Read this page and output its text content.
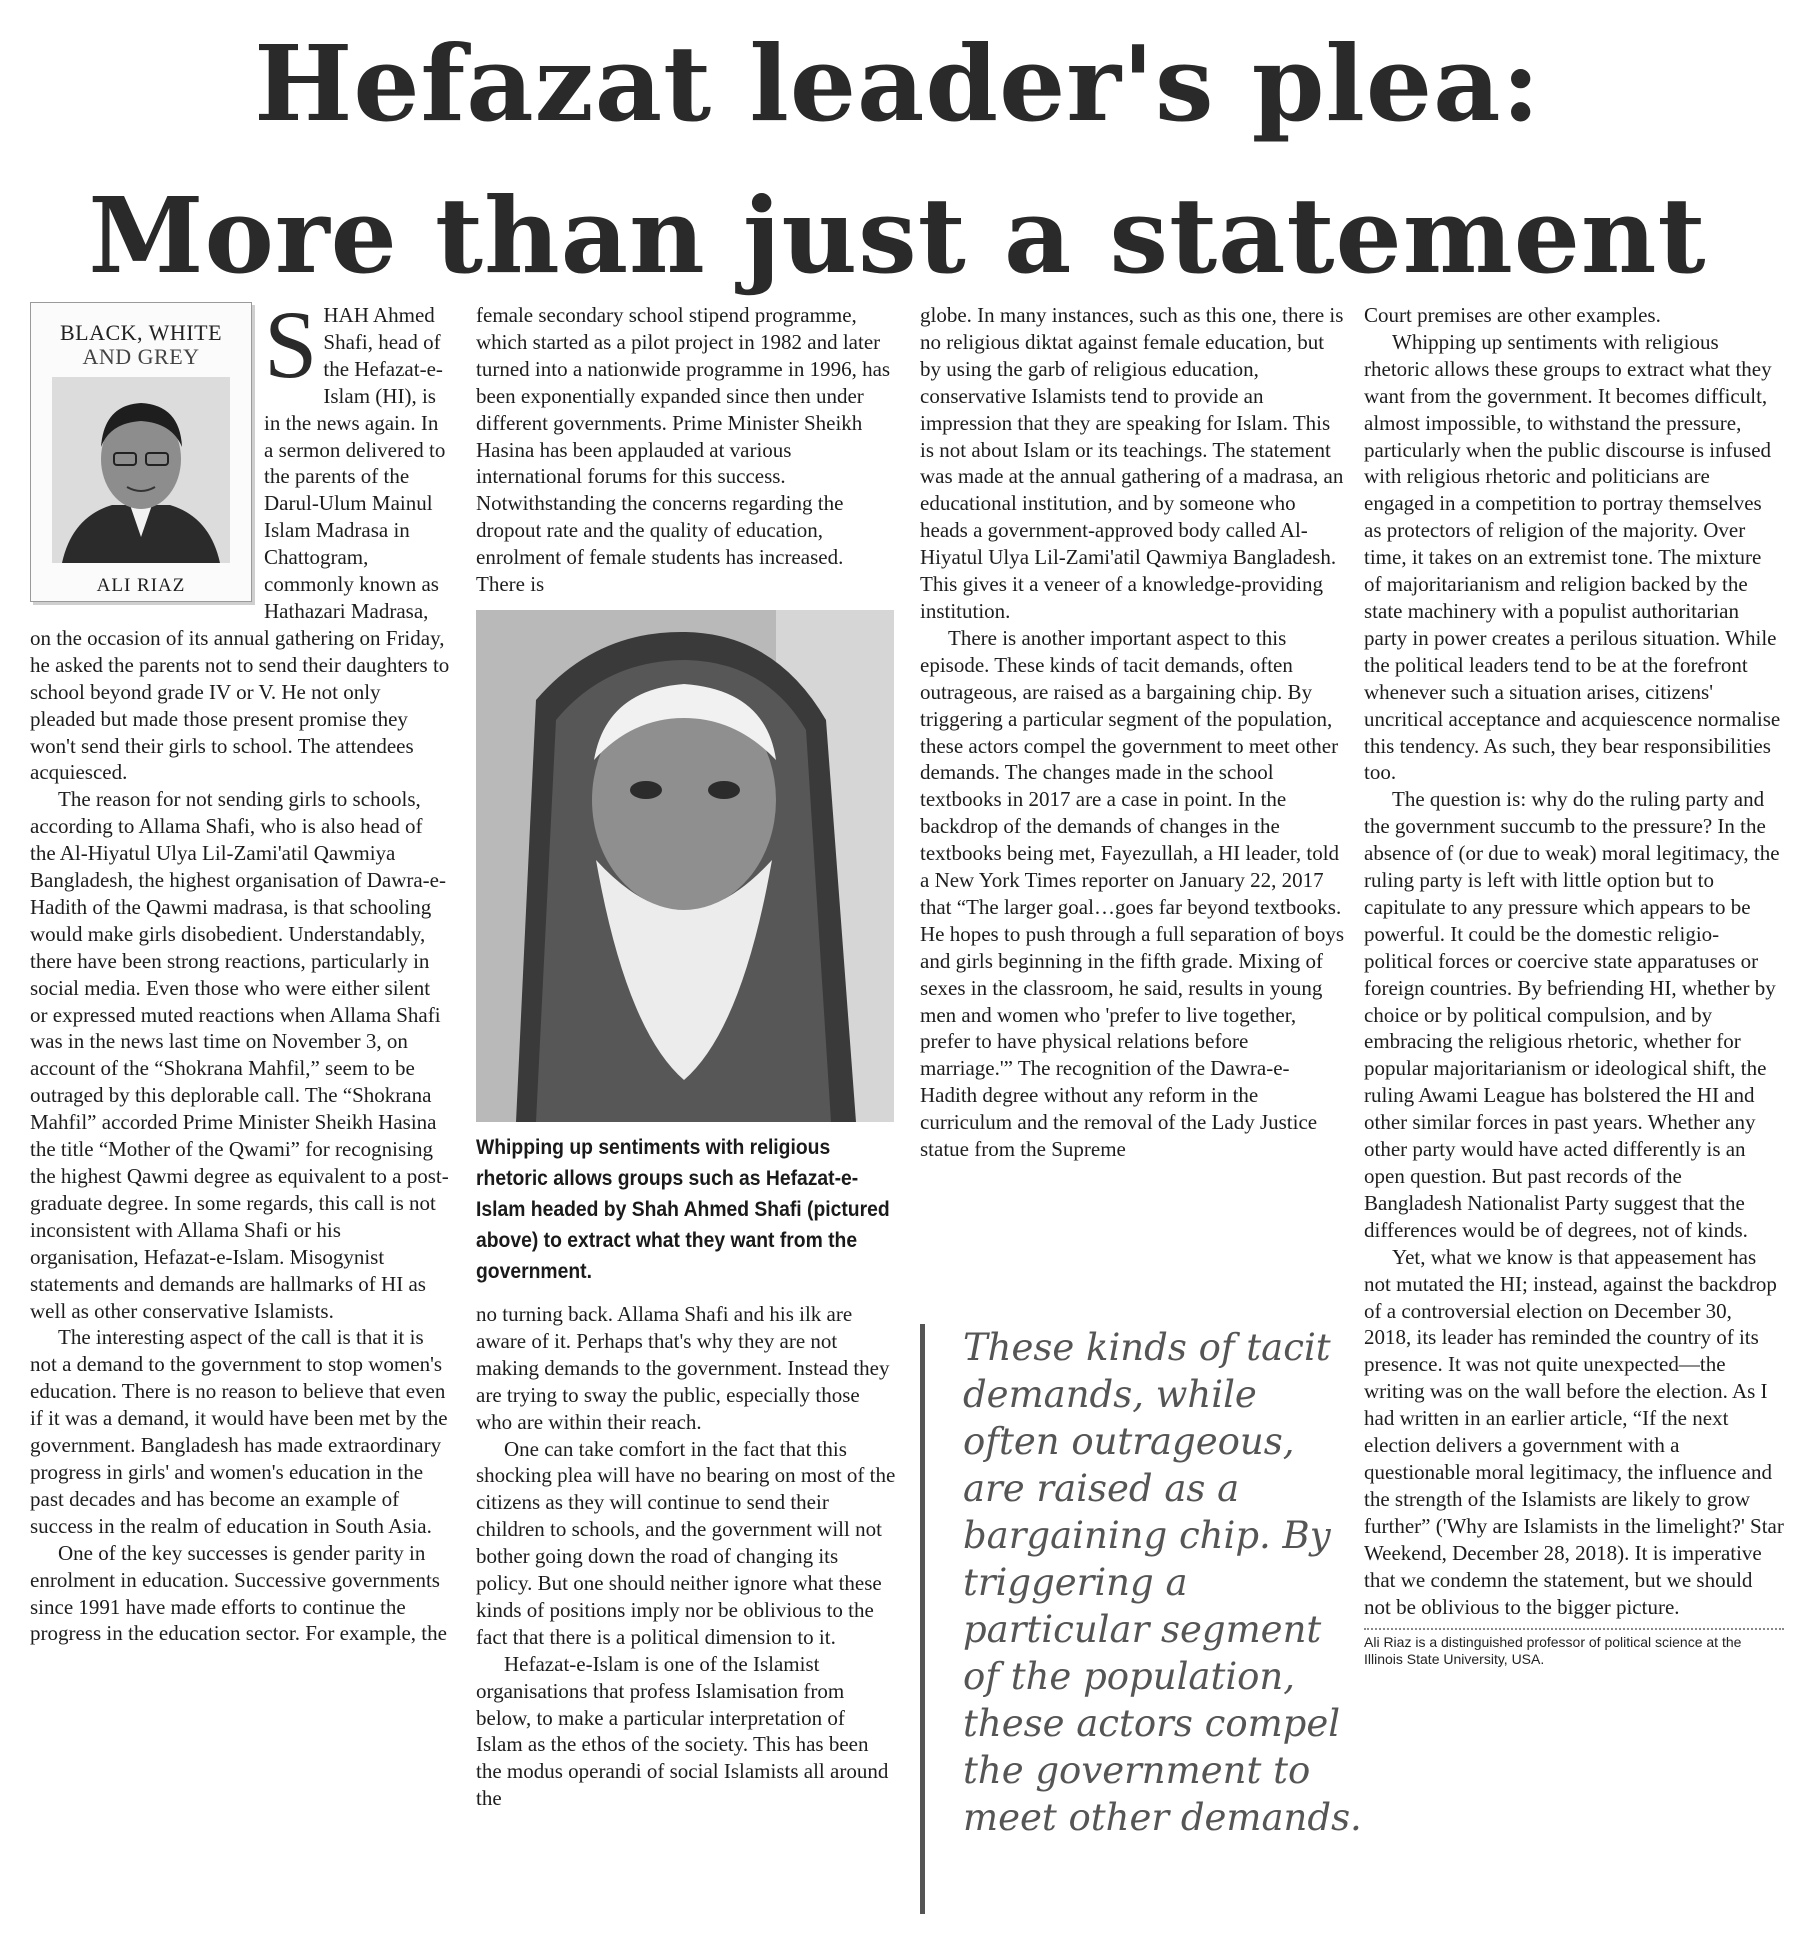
Hefazat leader's plea:
More than just a statement
BLACK, WHITE
AND GREY
ALI RIAZ
S HAH Ahmed Shafi, head of the Hefazat-e-Islam (HI), is in the news again. In a sermon delivered to the parents of the Darul-Ulum Mainul Islam Madrasa in Chattogram, commonly known as Hathazari Madrasa, on the occasion of its annual gathering on Friday, he asked the parents not to send their daughters to school beyond grade IV or V. He not only pleaded but made those present promise they won't send their girls to school. The attendees acquiesced.

The reason for not sending girls to schools, according to Allama Shafi, who is also head of the Al-Hiyatul Ulya Lil-Zami'atil Qawmiya Bangladesh, the highest organisation of Dawra-e-Hadith of the Qawmi madrasa, is that schooling would make girls disobedient. Understandably, there have been strong reactions, particularly in social media. Even those who were either silent or expressed muted reactions when Allama Shafi was in the news last time on November 3, on account of the “Shokrana Mahfil,” seem to be outraged by this deplorable call. The “Shokrana Mahfil” accorded Prime Minister Sheikh Hasina the title “Mother of the Qwami” for recognising the highest Qawmi degree as equivalent to a post-graduate degree. In some regards, this call is not inconsistent with Allama Shafi or his organisation, Hefazat-e-Islam. Misogynist statements and demands are hallmarks of HI as well as other conservative Islamists.

The interesting aspect of the call is that it is not a demand to the government to stop women's education. There is no reason to believe that even if it was a demand, it would have been met by the government. Bangladesh has made extraordinary progress in girls' and women's education in the past decades and has become an example of success in the realm of education in South Asia.

One of the key successes is gender parity in enrolment in education. Successive governments since 1991 have made efforts to continue the progress in the education sector. For example, the

female secondary school stipend programme, which started as a pilot project in 1982 and later turned into a nationwide programme in 1996, has been exponentially expanded since then under different governments. Prime Minister Sheikh Hasina has been applauded at various international forums for this success. Notwithstanding the concerns regarding the dropout rate and the quality of education, enrolment of female students has increased. There is

Whipping up sentiments with religious rhetoric allows groups such as Hefazat-e-Islam headed by Shah Ahmed Shafi (pictured above) to extract what they want from the government.

no turning back. Allama Shafi and his ilk are aware of it. Perhaps that's why they are not making demands to the government. Instead they are trying to sway the public, especially those who are within their reach.

One can take comfort in the fact that this shocking plea will have no bearing on most of the citizens as they will continue to send their children to schools, and the government will not bother going down the road of changing its policy. But one should neither ignore what these kinds of positions imply nor be oblivious to the fact that there is a political dimension to it.

Hefazat-e-Islam is one of the Islamist organisations that profess Islamisation from below, to make a particular interpretation of Islam as the ethos of the society. This has been the modus operandi of social Islamists all around the

globe. In many instances, such as this one, there is no religious diktat against female education, but by using the garb of religious education, conservative Islamists tend to provide an impression that they are speaking for Islam. This is not about Islam or its teachings. The statement was made at the annual gathering of a madrasa, an educational institution, and by someone who heads a government-approved body called Al-Hiyatul Ulya Lil-Zami'atil Qawmiya Bangladesh. This gives it a veneer of a knowledge-providing institution.

There is another important aspect to this episode. These kinds of tacit demands, often outrageous, are raised as a bargaining chip. By triggering a particular segment of the population, these actors compel the government to meet other demands. The changes made in the school textbooks in 2017 are a case in point. In the backdrop of the demands of changes in the textbooks being met, Fayezullah, a HI leader, told a New York Times reporter on January 22, 2017 that “The larger goal…goes far beyond textbooks. He hopes to push through a full separation of boys and girls beginning in the fifth grade. Mixing of sexes in the classroom, he said, results in young men and women who 'prefer to live together, prefer to have physical relations before marriage.'” The recognition of the Dawra-e-Hadith degree without any reform in the curriculum and the removal of the Lady Justice statue from the Supreme

These kinds of tacit demands, while often outrageous, are raised as a bargaining chip. By triggering a particular segment of the population, these actors compel the government to meet other demands.

Court premises are other examples.

Whipping up sentiments with religious rhetoric allows these groups to extract what they want from the government. It becomes difficult, almost impossible, to withstand the pressure, particularly when the public discourse is infused with religious rhetoric and politicians are engaged in a competition to portray themselves as protectors of religion of the majority. Over time, it takes on an extremist tone. The mixture of majoritarianism and religion backed by the state machinery with a populist authoritarian party in power creates a perilous situation. While the political leaders tend to be at the forefront whenever such a situation arises, citizens' uncritical acceptance and acquiescence normalise this tendency. As such, they bear responsibilities too.

The question is: why do the ruling party and the government succumb to the pressure? In the absence of (or due to weak) moral legitimacy, the ruling party is left with little option but to capitulate to any pressure which appears to be powerful. It could be the domestic religio-political forces or coercive state apparatuses or foreign countries. By befriending HI, whether by choice or by political compulsion, and by embracing the religious rhetoric, whether for popular majoritarianism or ideological shift, the ruling Awami League has bolstered the HI and other similar forces in past years. Whether any other party would have acted differently is an open question. But past records of the Bangladesh Nationalist Party suggest that the differences would be of degrees, not of kinds.

Yet, what we know is that appeasement has not mutated the HI; instead, against the backdrop of a controversial election on December 30, 2018, its leader has reminded the country of its presence. It was not quite unexpected—the writing was on the wall before the election. As I had written in an earlier article, “If the next election delivers a government with a questionable moral legitimacy, the influence and the strength of the Islamists are likely to grow further” ('Why are Islamists in the limelight?' Star Weekend, December 28, 2018). It is imperative that we condemn the statement, but we should not be oblivious to the bigger picture.

Ali Riaz is a distinguished professor of political science at the Illinois State University, USA.
